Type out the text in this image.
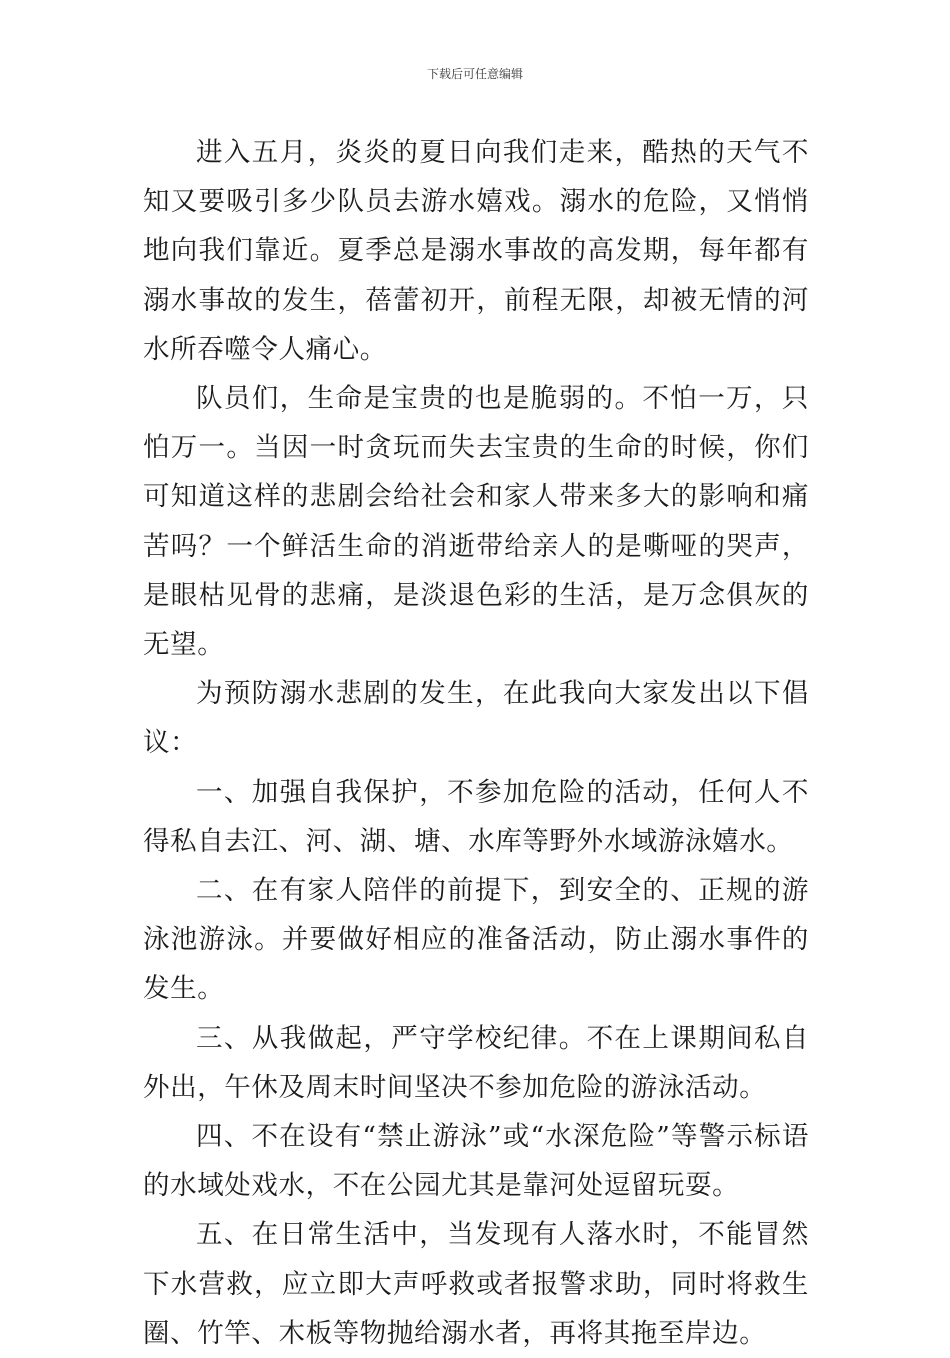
下载后可任意编辑

进入五月，炎炎的夏日向我们走来，酷热的天气不知又要吸引多少队员去游水嬉戏。溺水的危险，又悄悄地向我们靠近。夏季总是溺水事故的高发期，每年都有溺水事故的发生，蓓蕾初开，前程无限，却被无情的河水所吞噬令人痛心。

队员们，生命是宝贵的也是脆弱的。不怕一万，只怕万一。当因一时贪玩而失去宝贵的生命的时候，你们可知道这样的悲剧会给社会和家人带来多大的影响和痛苦吗？一个鲜活生命的消逝带给亲人的是嘶哑的哭声，是眼枯见骨的悲痛，是淡退色彩的生活，是万念俱灰的无望。

为预防溺水悲剧的发生，在此我向大家发出以下倡议：

一、加强自我保护，不参加危险的活动，任何人不得私自去江、河、湖、塘、水库等野外水域游泳嬉水。

二、在有家人陪伴的前提下，到安全的、正规的游泳池游泳。并要做好相应的准备活动，防止溺水事件的发生。

三、从我做起，严守学校纪律。不在上课期间私自外出，午休及周末时间坚决不参加危险的游泳活动。

四、不在设有“禁止游泳”或“水深危险”等警示标语的水域处戏水，不在公园尤其是靠河处逗留玩耍。

五、在日常生活中，当发现有人落水时，不能冒然下水营救，应立即大声呼救或者报警求助，同时将救生圈、竹竿、木板等物抛给溺水者，再将其拖至岸边。
